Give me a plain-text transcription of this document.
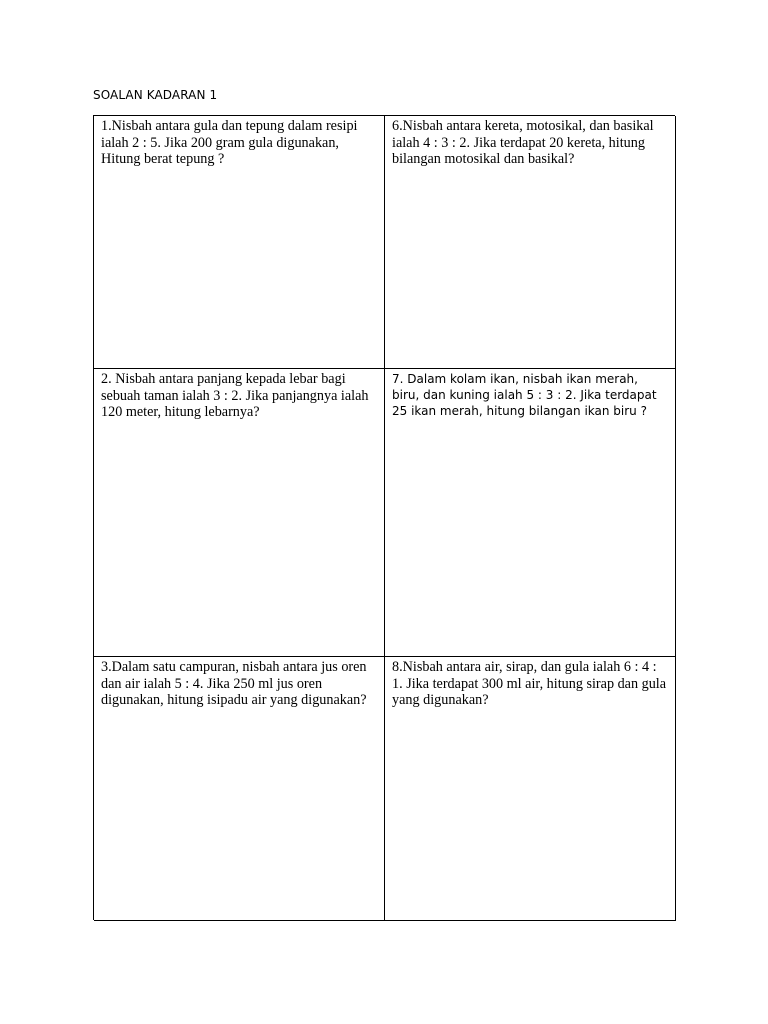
SOALAN KADARAN 1
1.Nisbah antara gula dan tepung dalam resipi ialah 2 : 5. Jika 200 gram gula digunakan, Hitung berat tepung ?
6.Nisbah antara kereta, motosikal, dan basikal ialah 4 : 3 : 2. Jika terdapat 20 kereta, hitung bilangan motosikal dan basikal?
2. Nisbah antara panjang kepada lebar bagi sebuah taman ialah 3 : 2. Jika panjangnya ialah 120 meter, hitung lebarnya?
7. Dalam kolam ikan, nisbah ikan merah, biru, dan kuning ialah 5 : 3 : 2. Jika terdapat 25 ikan merah, hitung bilangan ikan biru ?
3.Dalam satu campuran, nisbah antara jus oren dan air ialah 5 : 4. Jika 250 ml jus oren digunakan, hitung isipadu air yang digunakan?
8.Nisbah antara air, sirap, dan gula ialah 6 : 4 : 1. Jika terdapat 300 ml air, hitung sirap dan gula yang digunakan?
